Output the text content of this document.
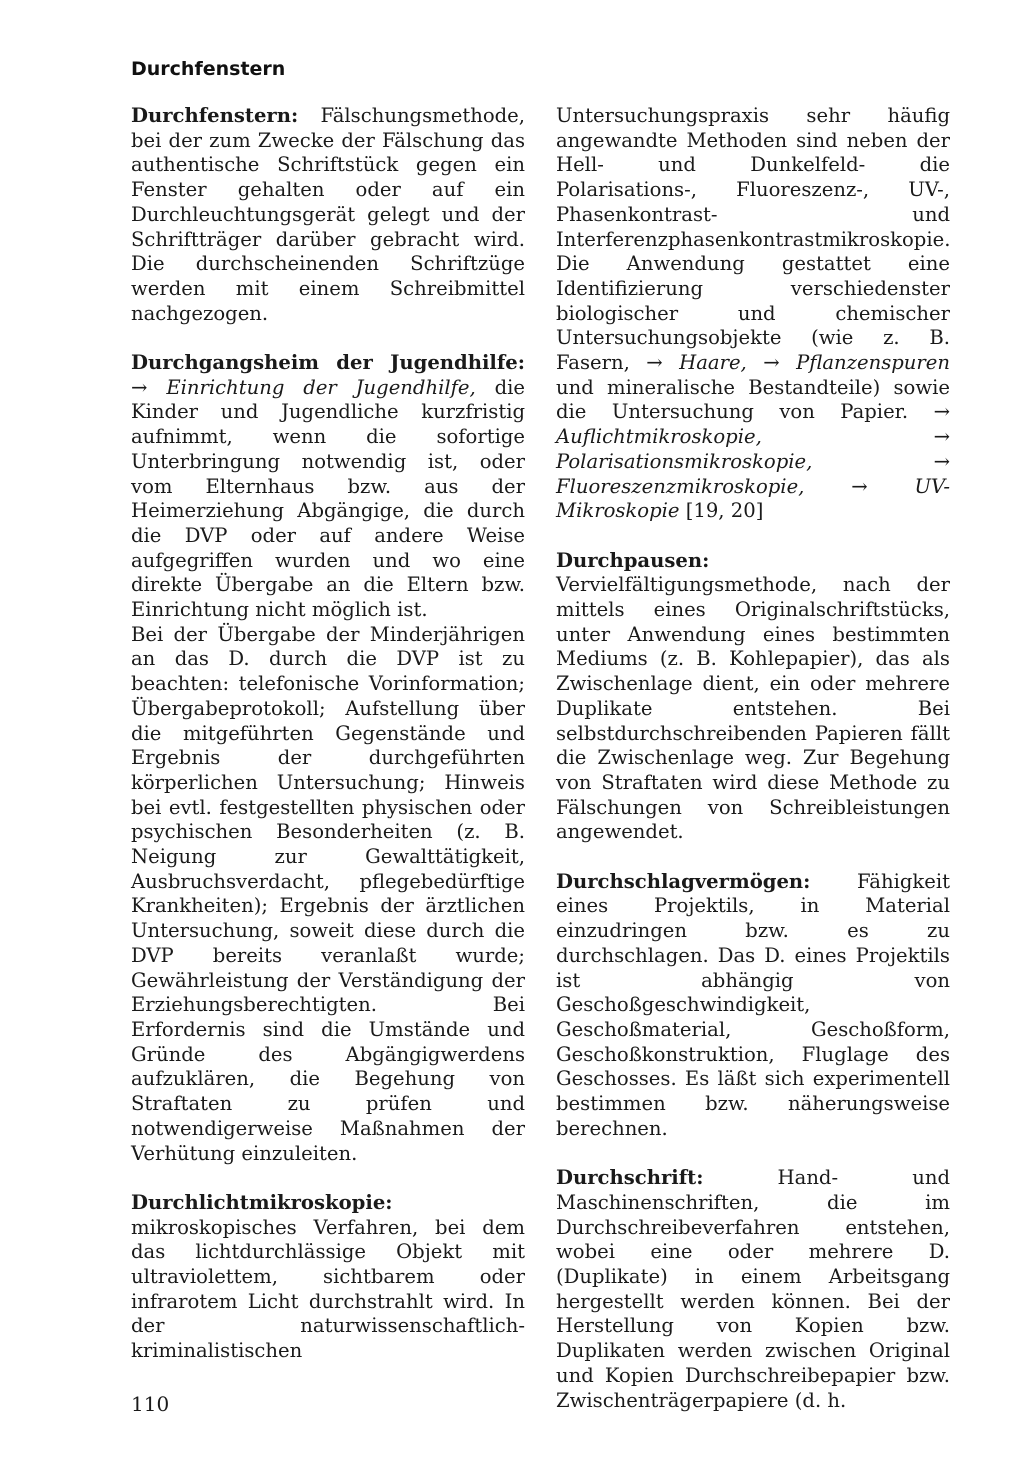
Durchfenstern

Durchfenstern: Fälschungsmethode, bei der zum Zwecke der Fälschung das authentische Schriftstück gegen ein Fenster gehalten oder auf ein Durchleuchtungsgerät gelegt und der Schriftträger darüber gebracht wird. Die durchscheinenden Schriftzüge werden mit einem Schreibmittel nachgezogen.

Durchgangsheim der Jugendhilfe: → Einrichtung der Jugendhilfe, die Kinder und Jugendliche kurzfristig aufnimmt, wenn die sofortige Unterbringung notwendig ist, oder vom Elternhaus bzw. aus der Heimerziehung Abgängige, die durch die DVP oder auf andere Weise aufgegriffen wurden und wo eine direkte Übergabe an die Eltern bzw. Einrichtung nicht möglich ist.

Bei der Übergabe der Minderjährigen an das D. durch die DVP ist zu beachten: telefonische Vorinformation; Übergabeprotokoll; Aufstellung über die mitgeführten Gegenstände und Ergebnis der durchgeführten körperlichen Untersuchung; Hinweis bei evtl. festgestellten physischen oder psychischen Besonderheiten (z. B. Neigung zur Gewalttätigkeit, Ausbruchsverdacht, pflegebedürftige Krankheiten); Ergebnis der ärztlichen Untersuchung, soweit diese durch die DVP bereits veranlaßt wurde; Gewährleistung der Verständigung der Erziehungsberechtigten. Bei Erfordernis sind die Umstände und Gründe des Abgängigwerdens aufzuklären, die Begehung von Straftaten zu prüfen und notwendigerweise Maßnahmen der Verhütung einzuleiten.

Durchlichtmikroskopie: mikroskopisches Verfahren, bei dem das lichtdurchlässige Objekt mit ultraviolettem, sichtbarem oder infrarotem Licht durchstrahlt wird. In der naturwissenschaftlich-kriminalistischen

Untersuchungspraxis sehr häufig angewandte Methoden sind neben der Hell- und Dunkelfeld- die Polarisations-, Fluoreszenz-, UV-, Phasenkontrast- und Interferenzphasenkontrastmikroskopie. Die Anwendung gestattet eine Identifizierung verschiedenster biologischer und chemischer Untersuchungsobjekte (wie z. B. Fasern, → Haare, → Pflanzenspuren und mineralische Bestandteile) sowie die Untersuchung von Papier. → Auflichtmikroskopie, → Polarisationsmikroskopie, → Fluoreszenzmikroskopie, → UV-Mikroskopie [19, 20]

Durchpausen: Vervielfältigungsmethode, nach der mittels eines Originalschriftstücks, unter Anwendung eines bestimmten Mediums (z. B. Kohlepapier), das als Zwischenlage dient, ein oder mehrere Duplikate entstehen. Bei selbstdurchschreibenden Papieren fällt die Zwischenlage weg. Zur Begehung von Straftaten wird diese Methode zu Fälschungen von Schreibleistungen angewendet.

Durchschlagvermögen: Fähigkeit eines Projektils, in Material einzudringen bzw. es zu durchschlagen. Das D. eines Projektils ist abhängig von Geschoßgeschwindigkeit, Geschoßmaterial, Geschoßform, Geschoßkonstruktion, Fluglage des Geschosses. Es läßt sich experimentell bestimmen bzw. näherungsweise berechnen.

Durchschrift: Hand- und Maschinenschriften, die im Durchschreibeverfahren entstehen, wobei eine oder mehrere D. (Duplikate) in einem Arbeitsgang hergestellt werden können. Bei der Herstellung von Kopien bzw. Duplikaten werden zwischen Original und Kopien Durchschreibepapier bzw. Zwischenträgerpapiere (d. h.

110
